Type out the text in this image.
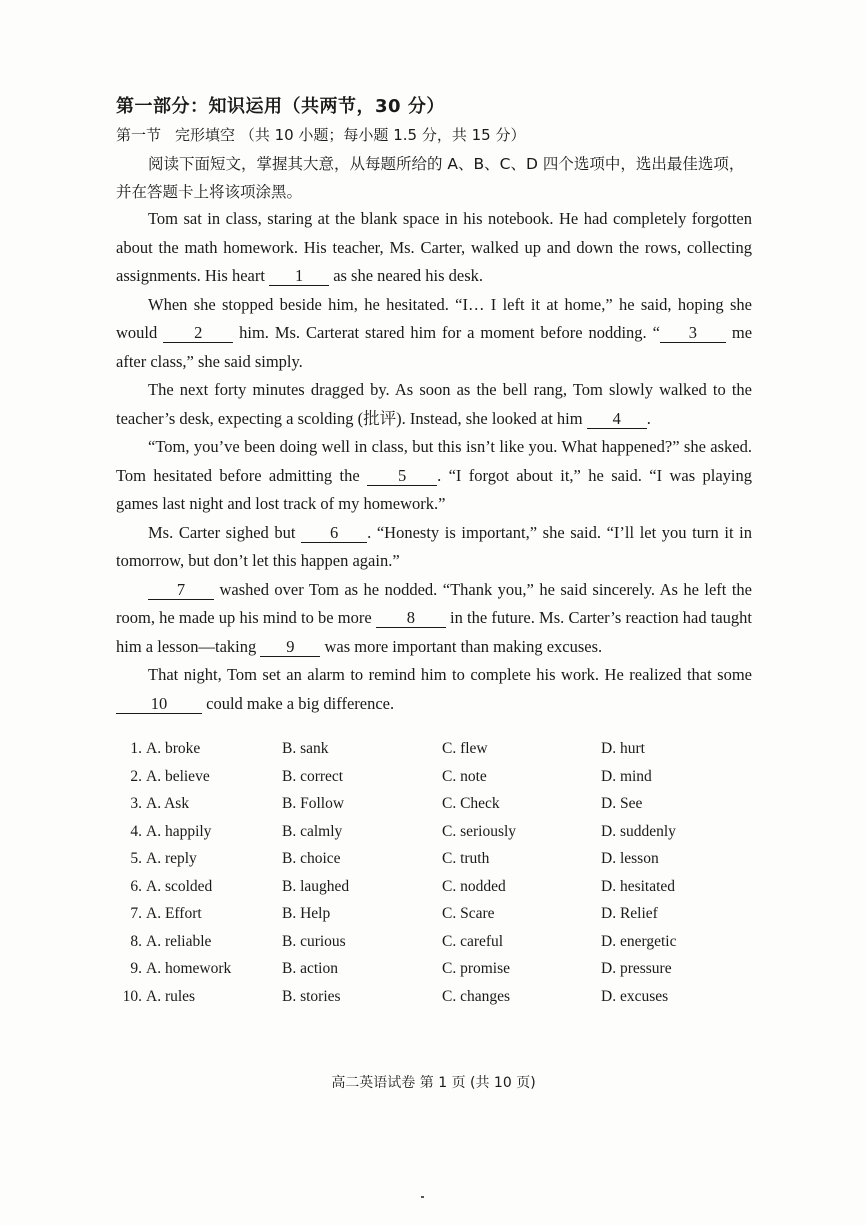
第一部分：知识运用（共两节，30 分）
第一节 完形填空 （共 10 小题；每小题 1.5 分，共 15 分）
阅读下面短文，掌握其大意，从每题所给的 A、B、C、D 四个选项中，选出最佳选项，并在答题卡上将该项涂黑。

Tom sat in class, staring at the blank space in his notebook. He had completely forgotten about the math homework. His teacher, Ms. Carter, walked up and down the rows, collecting assignments. His heart 1 as she neared his desk.

When she stopped beside him, he hesitated. “I… I left it at home,” he said, hoping she would 2 him. Ms. Carterat stared him for a moment before nodding. “ 3 me after class,” she said simply.

The next forty minutes dragged by. As soon as the bell rang, Tom slowly walked to the teacher’s desk, expecting a scolding (批评). Instead, she looked at him 4 .

“Tom, you’ve been doing well in class, but this isn’t like you. What happened?” she asked. Tom hesitated before admitting the 5 . “I forgot about it,” he said. “I was playing games last night and lost track of my homework.”

Ms. Carter sighed but 6 . “Honesty is important,” she said. “I’ll let you turn it in tomorrow, but don’t let this happen again.”

7 washed over Tom as he nodded. “Thank you,” he said sincerely. As he left the room, he made up his mind to be more 8 in the future. Ms. Carter’s reaction had taught him a lesson—taking 9 was more important than making excuses.

That night, Tom set an alarm to remind him to complete his work. He realized that some 10 could make a big difference.

1. A. broke	B. sank	C. flew	D. hurt
2. A. believe	B. correct	C. note	D. mind
3. A. Ask	B. Follow	C. Check	D. See
4. A. happily	B. calmly	C. seriously	D. suddenly
5. A. reply	B. choice	C. truth	D. lesson
6. A. scolded	B. laughed	C. nodded	D. hesitated
7. A. Effort	B. Help	C. Scare	D. Relief
8. A. reliable	B. curious	C. careful	D. energetic
9. A. homework	B. action	C. promise	D. pressure
10. A. rules	B. stories	C. changes	D. excuses
高二英语试卷 第 1 页 (共 10 页)
